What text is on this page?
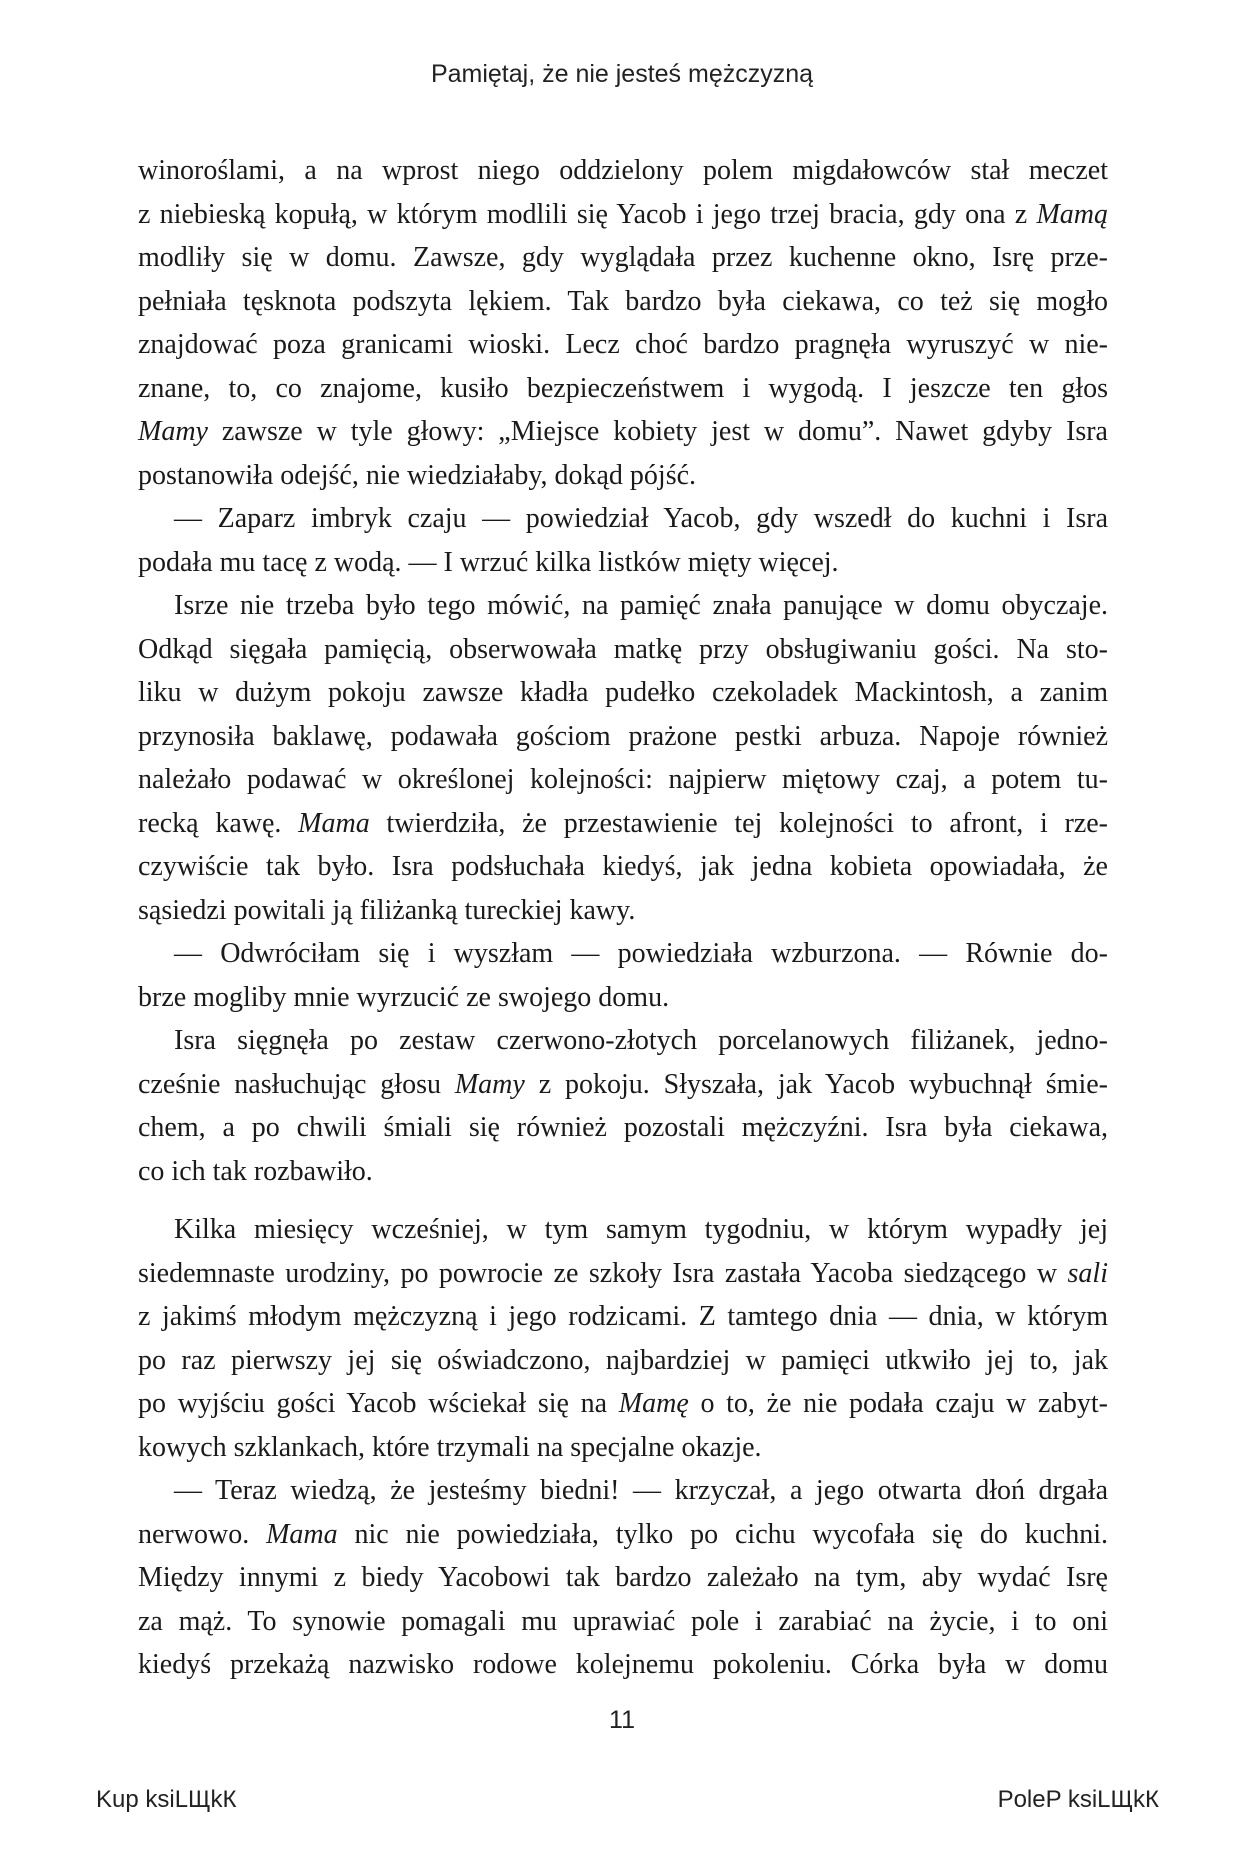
Pamiętaj, że nie jesteś mężczyzną
winoroślami, a na wprost niego oddzielony polem migdałowców stał meczet
z niebieską kopułą, w którym modlili się Yacob i jego trzej bracia, gdy ona z Mamą
modliły się w domu. Zawsze, gdy wyglądała przez kuchenne okno, Isrę prze-
pełniała tęsknota podszyta lękiem. Tak bardzo była ciekawa, co też się mogło
znajdować poza granicami wioski. Lecz choć bardzo pragnęła wyruszyć w nie-
znane, to, co znajome, kusiło bezpieczeństwem i wygodą. I jeszcze ten głos
Mamy zawsze w tyle głowy: „Miejsce kobiety jest w domu”. Nawet gdyby Isra
postanowiła odejść, nie wiedziałaby, dokąd pójść.
— Zaparz imbryk czaju — powiedział Yacob, gdy wszedł do kuchni i Isra
podała mu tacę z wodą. — I wrzuć kilka listków mięty więcej.
Isrze nie trzeba było tego mówić, na pamięć znała panujące w domu obyczaje.
Odkąd sięgała pamięcią, obserwowała matkę przy obsługiwaniu gości. Na sto-
liku w dużym pokoju zawsze kładła pudełko czekoladek Mackintosh, a zanim
przynosiła baklawę, podawała gościom prażone pestki arbuza. Napoje również
należało podawać w określonej kolejności: najpierw miętowy czaj, a potem tu-
recką kawę. Mama twierdziła, że przestawienie tej kolejności to afront, i rze-
czywiście tak było. Isra podsłuchała kiedyś, jak jedna kobieta opowiadała, że
sąsiedzi powitali ją filiżanką tureckiej kawy.
— Odwróciłam się i wyszłam — powiedziała wzburzona. — Równie do-
brze mogliby mnie wyrzucić ze swojego domu.
Isra sięgnęła po zestaw czerwono-złotych porcelanowych filiżanek, jedno-
cześnie nasłuchując głosu Mamy z pokoju. Słyszała, jak Yacob wybuchnął śmie-
chem, a po chwili śmiali się również pozostali mężczyźni. Isra była ciekawa,
co ich tak rozbawiło.
Kilka miesięcy wcześniej, w tym samym tygodniu, w którym wypadły jej
siedemnaste urodziny, po powrocie ze szkoły Isra zastała Yacoba siedzącego w sali
z jakimś młodym mężczyzną i jego rodzicami. Z tamtego dnia — dnia, w którym
po raz pierwszy jej się oświadczono, najbardziej w pamięci utkwiło jej to, jak
po wyjściu gości Yacob wściekał się na Mamę o to, że nie podała czaju w zabyt-
kowych szklankach, które trzymali na specjalne okazje.
— Teraz wiedzą, że jesteśmy biedni! — krzyczał, a jego otwarta dłoń drgała
nerwowo. Mama nic nie powiedziała, tylko po cichu wycofała się do kuchni.
Między innymi z biedy Yacobowi tak bardzo zależało na tym, aby wydać Isrę
za mąż. To synowie pomagali mu uprawiać pole i zarabiać na życie, i to oni
kiedyś przekażą nazwisko rodowe kolejnemu pokoleniu. Córka była w domu
11
Kup ksiLЩkК	PoleP ksiLЩkК
